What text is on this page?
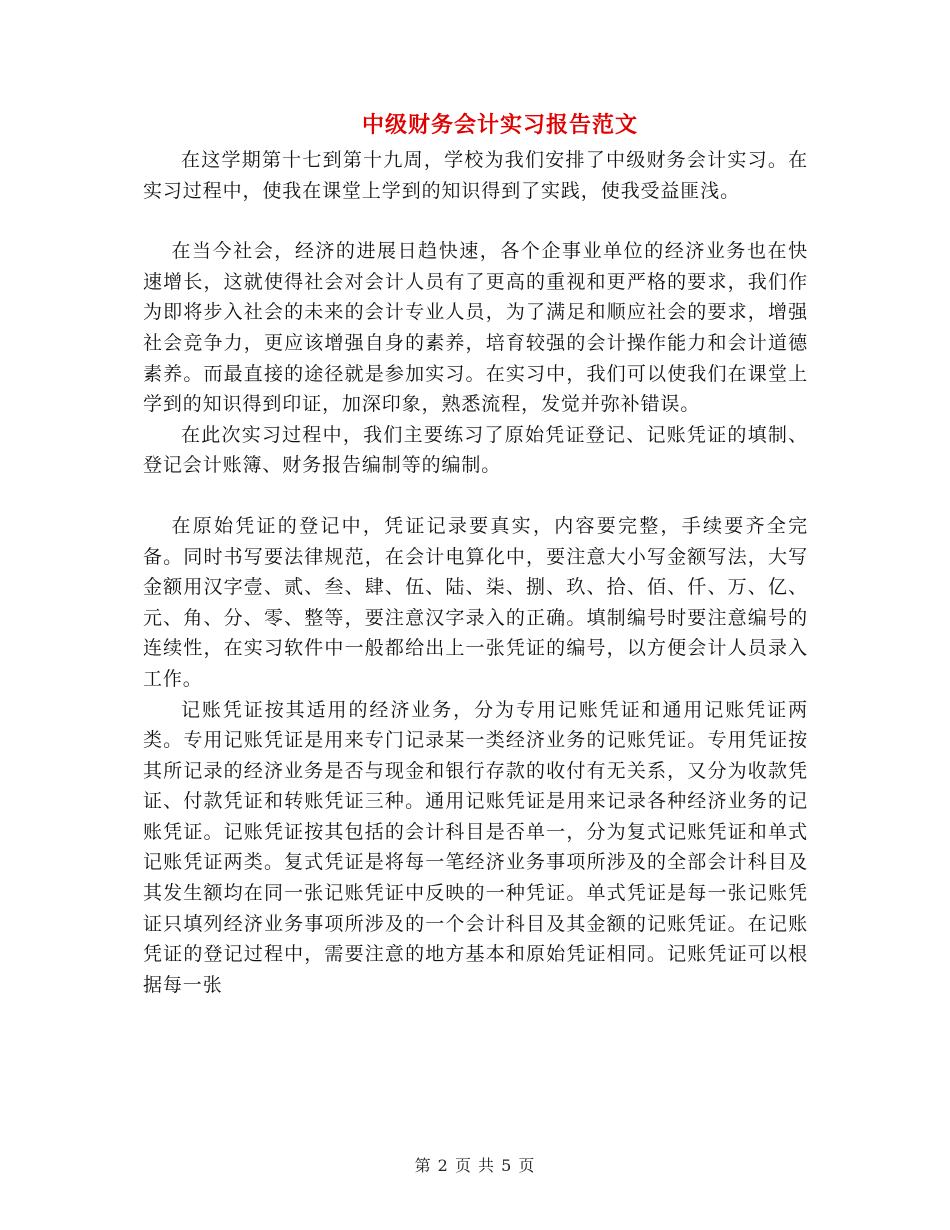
中级财务会计实习报告范文

在这学期第十七到第十九周，学校为我们安排了中级财务会计实习。在实习过程中，使我在课堂上学到的知识得到了实践，使我受益匪浅。

在当今社会，经济的进展日趋快速，各个企事业单位的经济业务也在快速增长，这就使得社会对会计人员有了更高的重视和更严格的要求，我们作为即将步入社会的未来的会计专业人员，为了满足和顺应社会的要求，增强社会竞争力，更应该增强自身的素养，培育较强的会计操作能力和会计道德素养。而最直接的途径就是参加实习。在实习中，我们可以使我们在课堂上学到的知识得到印证，加深印象，熟悉流程，发觉并弥补错误。

在此次实习过程中，我们主要练习了原始凭证登记、记账凭证的填制、登记会计账簿、财务报告编制等的编制。

在原始凭证的登记中，凭证记录要真实，内容要完整，手续要齐全完备。同时书写要法律规范，在会计电算化中，要注意大小写金额写法，大写金额用汉字壹、贰、叁、肆、伍、陆、柒、捌、玖、拾、佰、仟、万、亿、元、角、分、零、整等，要注意汉字录入的正确。填制编号时要注意编号的连续性，在实习软件中一般都给出上一张凭证的编号，以方便会计人员录入工作。

记账凭证按其适用的经济业务，分为专用记账凭证和通用记账凭证两类。专用记账凭证是用来专门记录某一类经济业务的记账凭证。专用凭证按其所记录的经济业务是否与现金和银行存款的收付有无关系，又分为收款凭证、付款凭证和转账凭证三种。通用记账凭证是用来记录各种经济业务的记账凭证。记账凭证按其包括的会计科目是否单一，分为复式记账凭证和单式记账凭证两类。复式凭证是将每一笔经济业务事项所涉及的全部会计科目及其发生额均在同一张记账凭证中反映的一种凭证。单式凭证是每一张记账凭证只填列经济业务事项所涉及的一个会计科目及其金额的记账凭证。在记账凭证的登记过程中，需要注意的地方基本和原始凭证相同。记账凭证可以根据每一张

第 2 页 共 5 页
